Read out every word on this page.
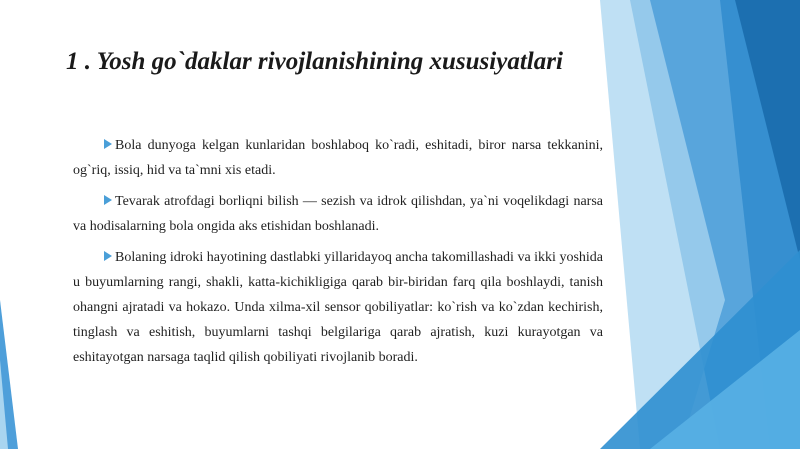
1 . Yosh go`daklar rivojlanishining xususiyatlari

Bola dunyoga kelgan kunlaridan boshlaboq ko`radi, eshitadi, biror narsa tekkanini, og`riq, issiq, hid va ta`mni xis etadi.

Tevarak atrofdagi borliqni bilish — sezish va idrok qilishdan, ya`ni voqelikdagi narsa va hodisalarning bola ongida aks etishidan boshlanadi.

Bolaning idroki hayotining dastlabki yillaridayoq ancha takomillashadi va ikki yoshida u buyumlarning rangi, shakli, katta-kichikligiga qarab bir-biridan farq qila boshlaydi, tanish ohangni ajratadi va hokazo. Unda xilma-xil sensor qobiliyatlar: ko`rish va ko`zdan kechirish, tinglash va eshitish, buyumlarni tashqi belgilariga qarab ajratish, kuzi kurayotgan va eshitayotgan narsaga taqlid qilish qobiliyati rivojlanib boradi.
